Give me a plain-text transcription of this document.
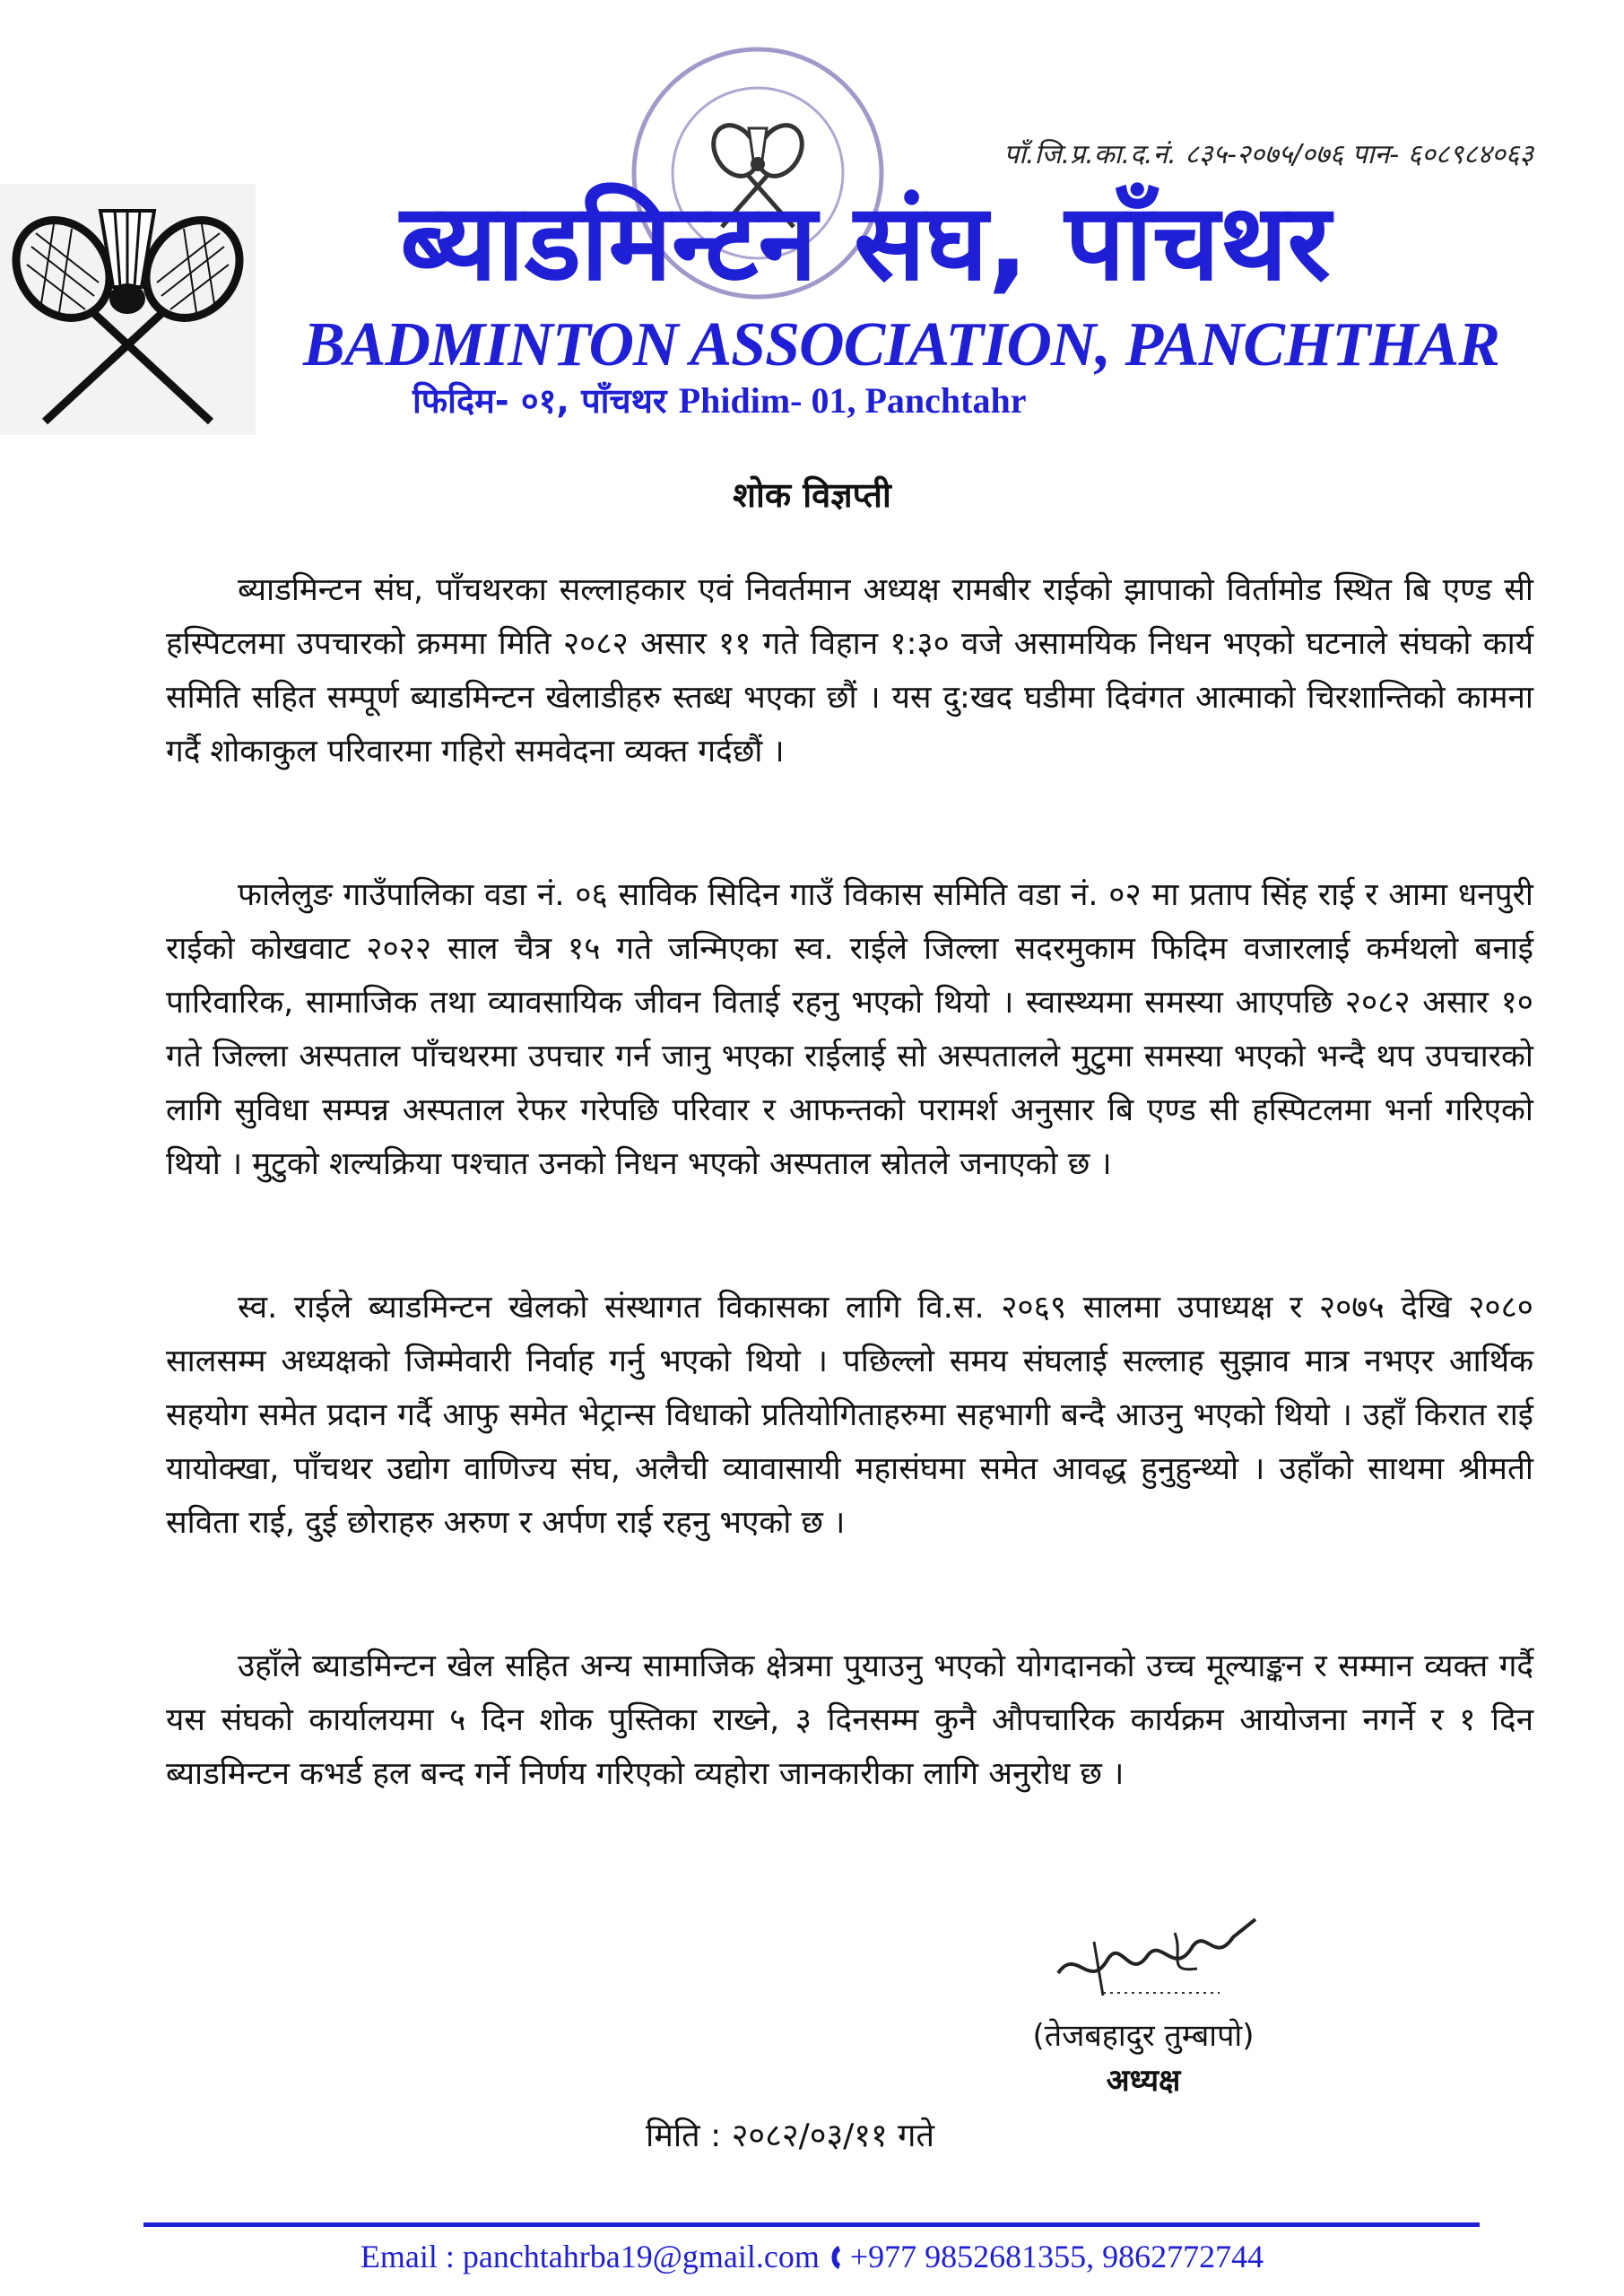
पाँ.जि.प्र.का.द.नं. ८३५-२०७५/०७६ पान- ६०८९८४०६३
ब्याडमिन्टन संघ, पाँचथर
BADMINTON ASSOCIATION, PANCHTHAR
फिदिम- ०१, पाँचथर Phidim- 01, Panchtahr
शोक विज्ञप्ती
ब्याडमिन्टन संघ, पाँचथरका सल्लाहकार एवं निवर्तमान अध्यक्ष रामबीर राईको झापाको विर्तामोड स्थित बि एण्ड सी हस्पिटलमा उपचारको क्रममा मिति २०८२ असार ११ गते विहान १:३० वजे असामयिक निधन भएको घटनाले संघको कार्य समिति सहित सम्पूर्ण ब्याडमिन्टन खेलाडीहरु स्तब्ध भएका छौं । यस दु:खद घडीमा दिवंगत आत्माको चिरशान्तिको कामना गर्दै शोकाकुल परिवारमा गहिरो समवेदना व्यक्त गर्दछौं ।
फालेलुङ गाउँपालिका वडा नं. ०६ साविक सिदिन गाउँ विकास समिति वडा नं. ०२ मा प्रताप सिंह राई र आमा धनपुरी राईको कोखवाट २०२२ साल चैत्र १५ गते जन्मिएका स्व. राईले जिल्ला सदरमुकाम फिदिम वजारलाई कर्मथलो बनाई पारिवारिक, सामाजिक तथा व्यावसायिक जीवन विताई रहनु भएको थियो । स्वास्थ्यमा समस्या आएपछि २०८२ असार १० गते जिल्ला अस्पताल पाँचथरमा उपचार गर्न जानु भएका राईलाई सो अस्पतालले मुटुमा समस्या भएको भन्दै थप उपचारको लागि सुविधा सम्पन्न अस्पताल रेफर गरेपछि परिवार र आफन्तको परामर्श अनुसार बि एण्ड सी हस्पिटलमा भर्ना गरिएको थियो । मुटुको शल्यक्रिया पश्चात उनको निधन भएको अस्पताल स्रोतले जनाएको छ ।
स्व. राईले ब्याडमिन्टन खेलको संस्थागत विकासका लागि वि.स. २०६९ सालमा उपाध्यक्ष र २०७५ देखि २०८० सालसम्म अध्यक्षको जिम्मेवारी निर्वाह गर्नु भएको थियो । पछिल्लो समय संघलाई सल्लाह सुझाव मात्र नभएर आर्थिक सहयोग समेत प्रदान गर्दै आफु समेत भेट्रान्स विधाको प्रतियोगिताहरुमा सहभागी बन्दै आउनु भएको थियो । उहाँ किरात राई यायोक्खा, पाँचथर उद्योग वाणिज्य संघ, अलैची व्यावासायी महासंघमा समेत आवद्ध हुनुहुन्थ्यो । उहाँको साथमा श्रीमती सविता राई, दुई छोराहरु अरुण र अर्पण राई रहनु भएको छ ।
उहाँले ब्याडमिन्टन खेल सहित अन्य सामाजिक क्षेत्रमा पु्याउनु भएको योगदानको उच्च मूल्याङ्कन र सम्मान व्यक्त गर्दै यस संघको कार्यालयमा ५ दिन शोक पुस्तिका राख्ने, ३ दिनसम्म कुनै औपचारिक कार्यक्रम आयोजना नगर्ने र १ दिन ब्याडमिन्टन कभर्ड हल बन्द गर्ने निर्णय गरिएको व्यहोरा जानकारीका लागि अनुरोध छ ।
(तेजबहादुर तुम्बापो)
अध्यक्ष
मिति : २०८२/०३/११ गते
Email : panchtahrba19@gmail.com +977 9852681355, 9862772744
